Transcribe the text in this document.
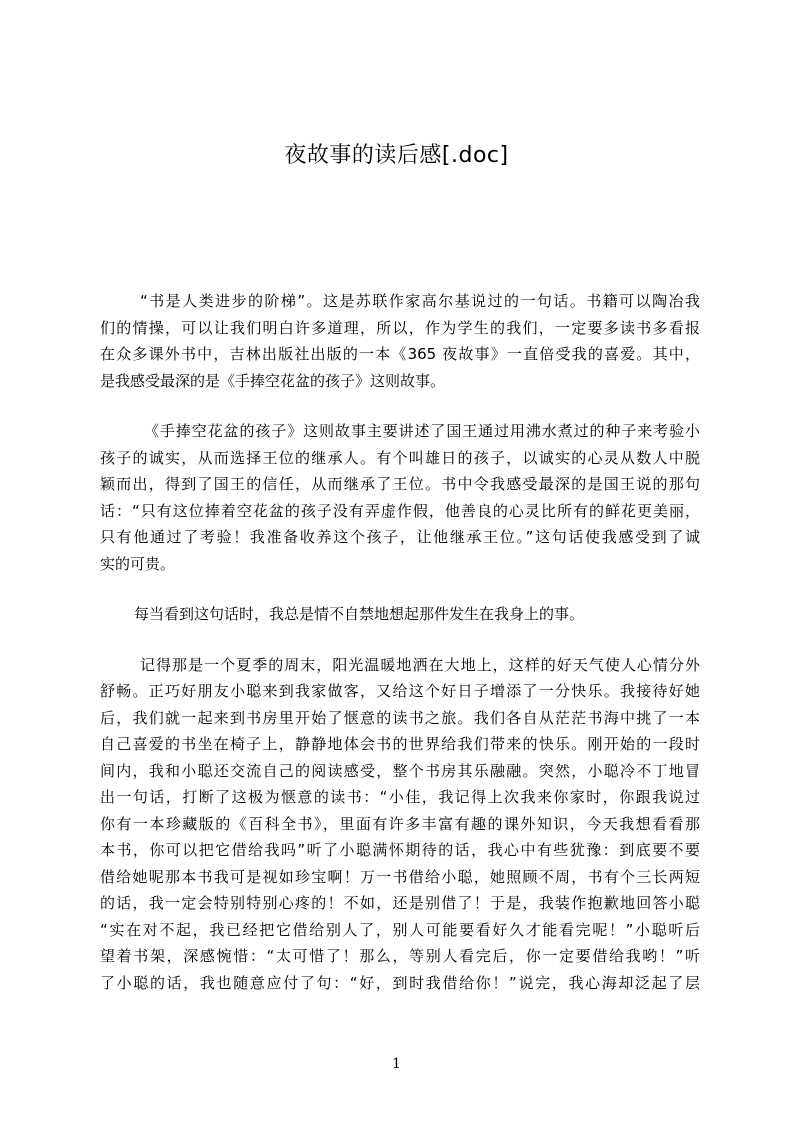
夜故事的读后感[.doc]

“书是人类进步的阶梯”。这是苏联作家高尔基说过的一句话。书籍可以陶冶我
们的情操，可以让我们明白许多道理，所以，作为学生的我们，一定要多读书多看报
在众多课外书中，吉林出版社出版的一本《365 夜故事》一直倍受我的喜爱。其中，
是我感受最深的是《手捧空花盆的孩子》这则故事。

《手捧空花盆的孩子》这则故事主要讲述了国王通过用沸水煮过的种子来考验小
孩子的诚实，从而选择王位的继承人。有个叫雄日的孩子，以诚实的心灵从数人中脱
颖而出，得到了国王的信任，从而继承了王位。书中令我感受最深的是国王说的那句
话：“只有这位捧着空花盆的孩子没有弄虚作假，他善良的心灵比所有的鲜花更美丽，
只有他通过了考验！我准备收养这个孩子，让他继承王位。”这句话使我感受到了诚
实的可贵。

每当看到这句话时，我总是情不自禁地想起那件发生在我身上的事。

记得那是一个夏季的周末，阳光温暖地洒在大地上，这样的好天气使人心情分外
舒畅。正巧好朋友小聪来到我家做客，又给这个好日子增添了一分快乐。我接待好她
后，我们就一起来到书房里开始了惬意的读书之旅。我们各自从茫茫书海中挑了一本
自己喜爱的书坐在椅子上，静静地体会书的世界给我们带来的快乐。刚开始的一段时
间内，我和小聪还交流自己的阅读感受，整个书房其乐融融。突然，小聪冷不丁地冒
出一句话，打断了这极为惬意的读书：“小佳，我记得上次我来你家时，你跟我说过
你有一本珍藏版的《百科全书》，里面有许多丰富有趣的课外知识，今天我想看看那
本书，你可以把它借给我吗”听了小聪满怀期待的话，我心中有些犹豫：到底要不要
借给她呢那本书我可是视如珍宝啊！万一书借给小聪，她照顾不周，书有个三长两短
的话，我一定会特别特别心疼的！不如，还是别借了！于是，我装作抱歉地回答小聪
“实在对不起，我已经把它借给别人了，别人可能要看好久才能看完呢！”小聪听后
望着书架，深感惋惜：“太可惜了！那么，等别人看完后，你一定要借给我哟！”听
了小聪的话，我也随意应付了句：“好，到时我借给你！”说完，我心海却泛起了层

1
